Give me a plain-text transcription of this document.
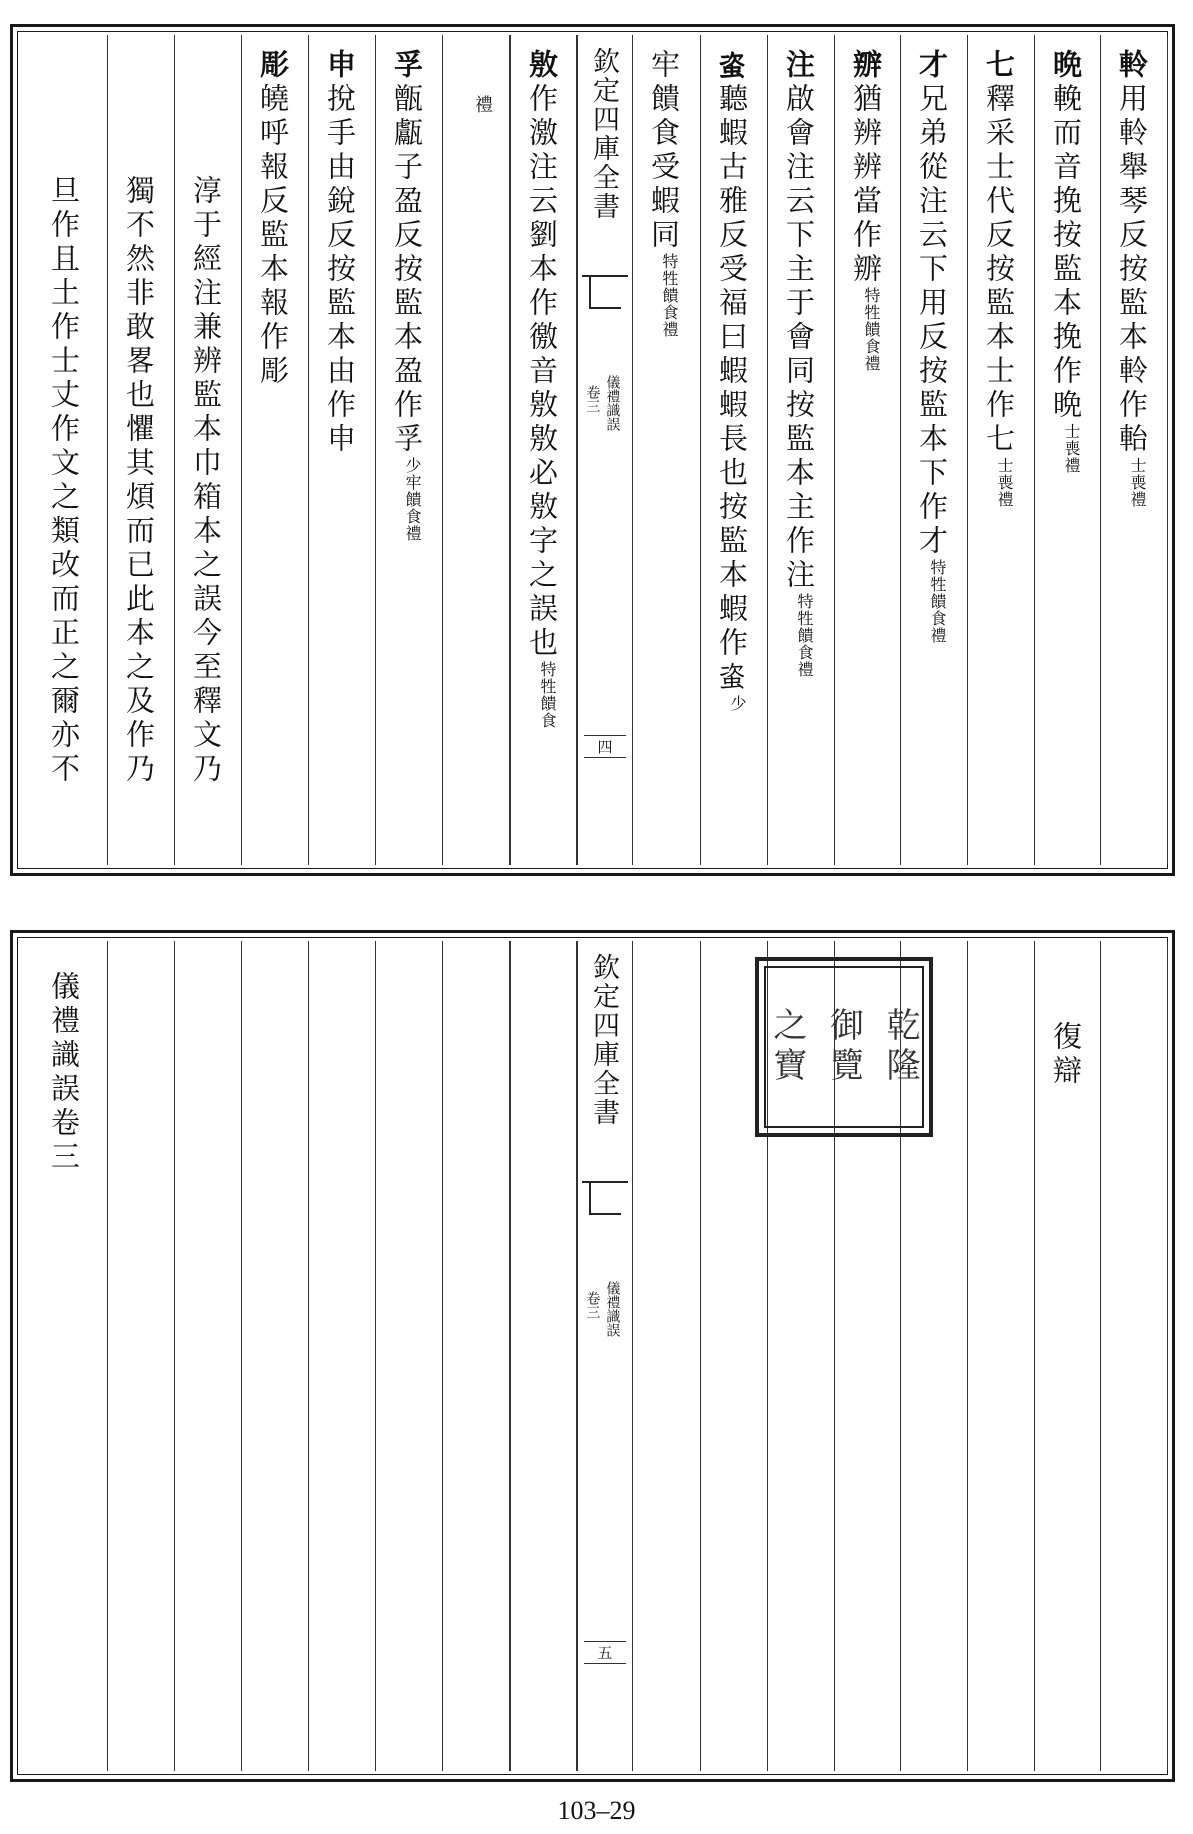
軨用軨舉琴反按監本軨作軩士喪禮
晩輓而音挽按監本挽作晩士喪禮
七釋采士代反按監本士作七士喪禮
才兄弟從注云下用反按監本下作才特牲饋食禮
辧猶辨辨當作辧特牲饋食禮
注啟會注云下主于會同按監本主作注特牲饋食禮
𧊒聽蝦古雅反受福曰蝦蝦長也按監本蝦作𧊒少
牢饋食受蝦同特牲饋食禮
欽定四庫全書
儀禮識誤
卷三
四
敫作激注云劉本作徼音敫敫必敫字之誤也特牲饋食
禮
孚甑甗子盈反按監本盈作孚少牢饋食禮
申挩手由銳反按監本由作申
彫皢呼報反監本報作彫
淳于經注兼辨監本巾箱本之誤今至釋文乃
獨不然非敢畧也懼其煩而已此本之及作乃
旦作且土作士丈作文之類改而正之爾亦不
復辯
之寶 御覽 乾隆
欽定四庫全書
儀禮識誤
卷三
五
儀禮識誤卷三
103–29
